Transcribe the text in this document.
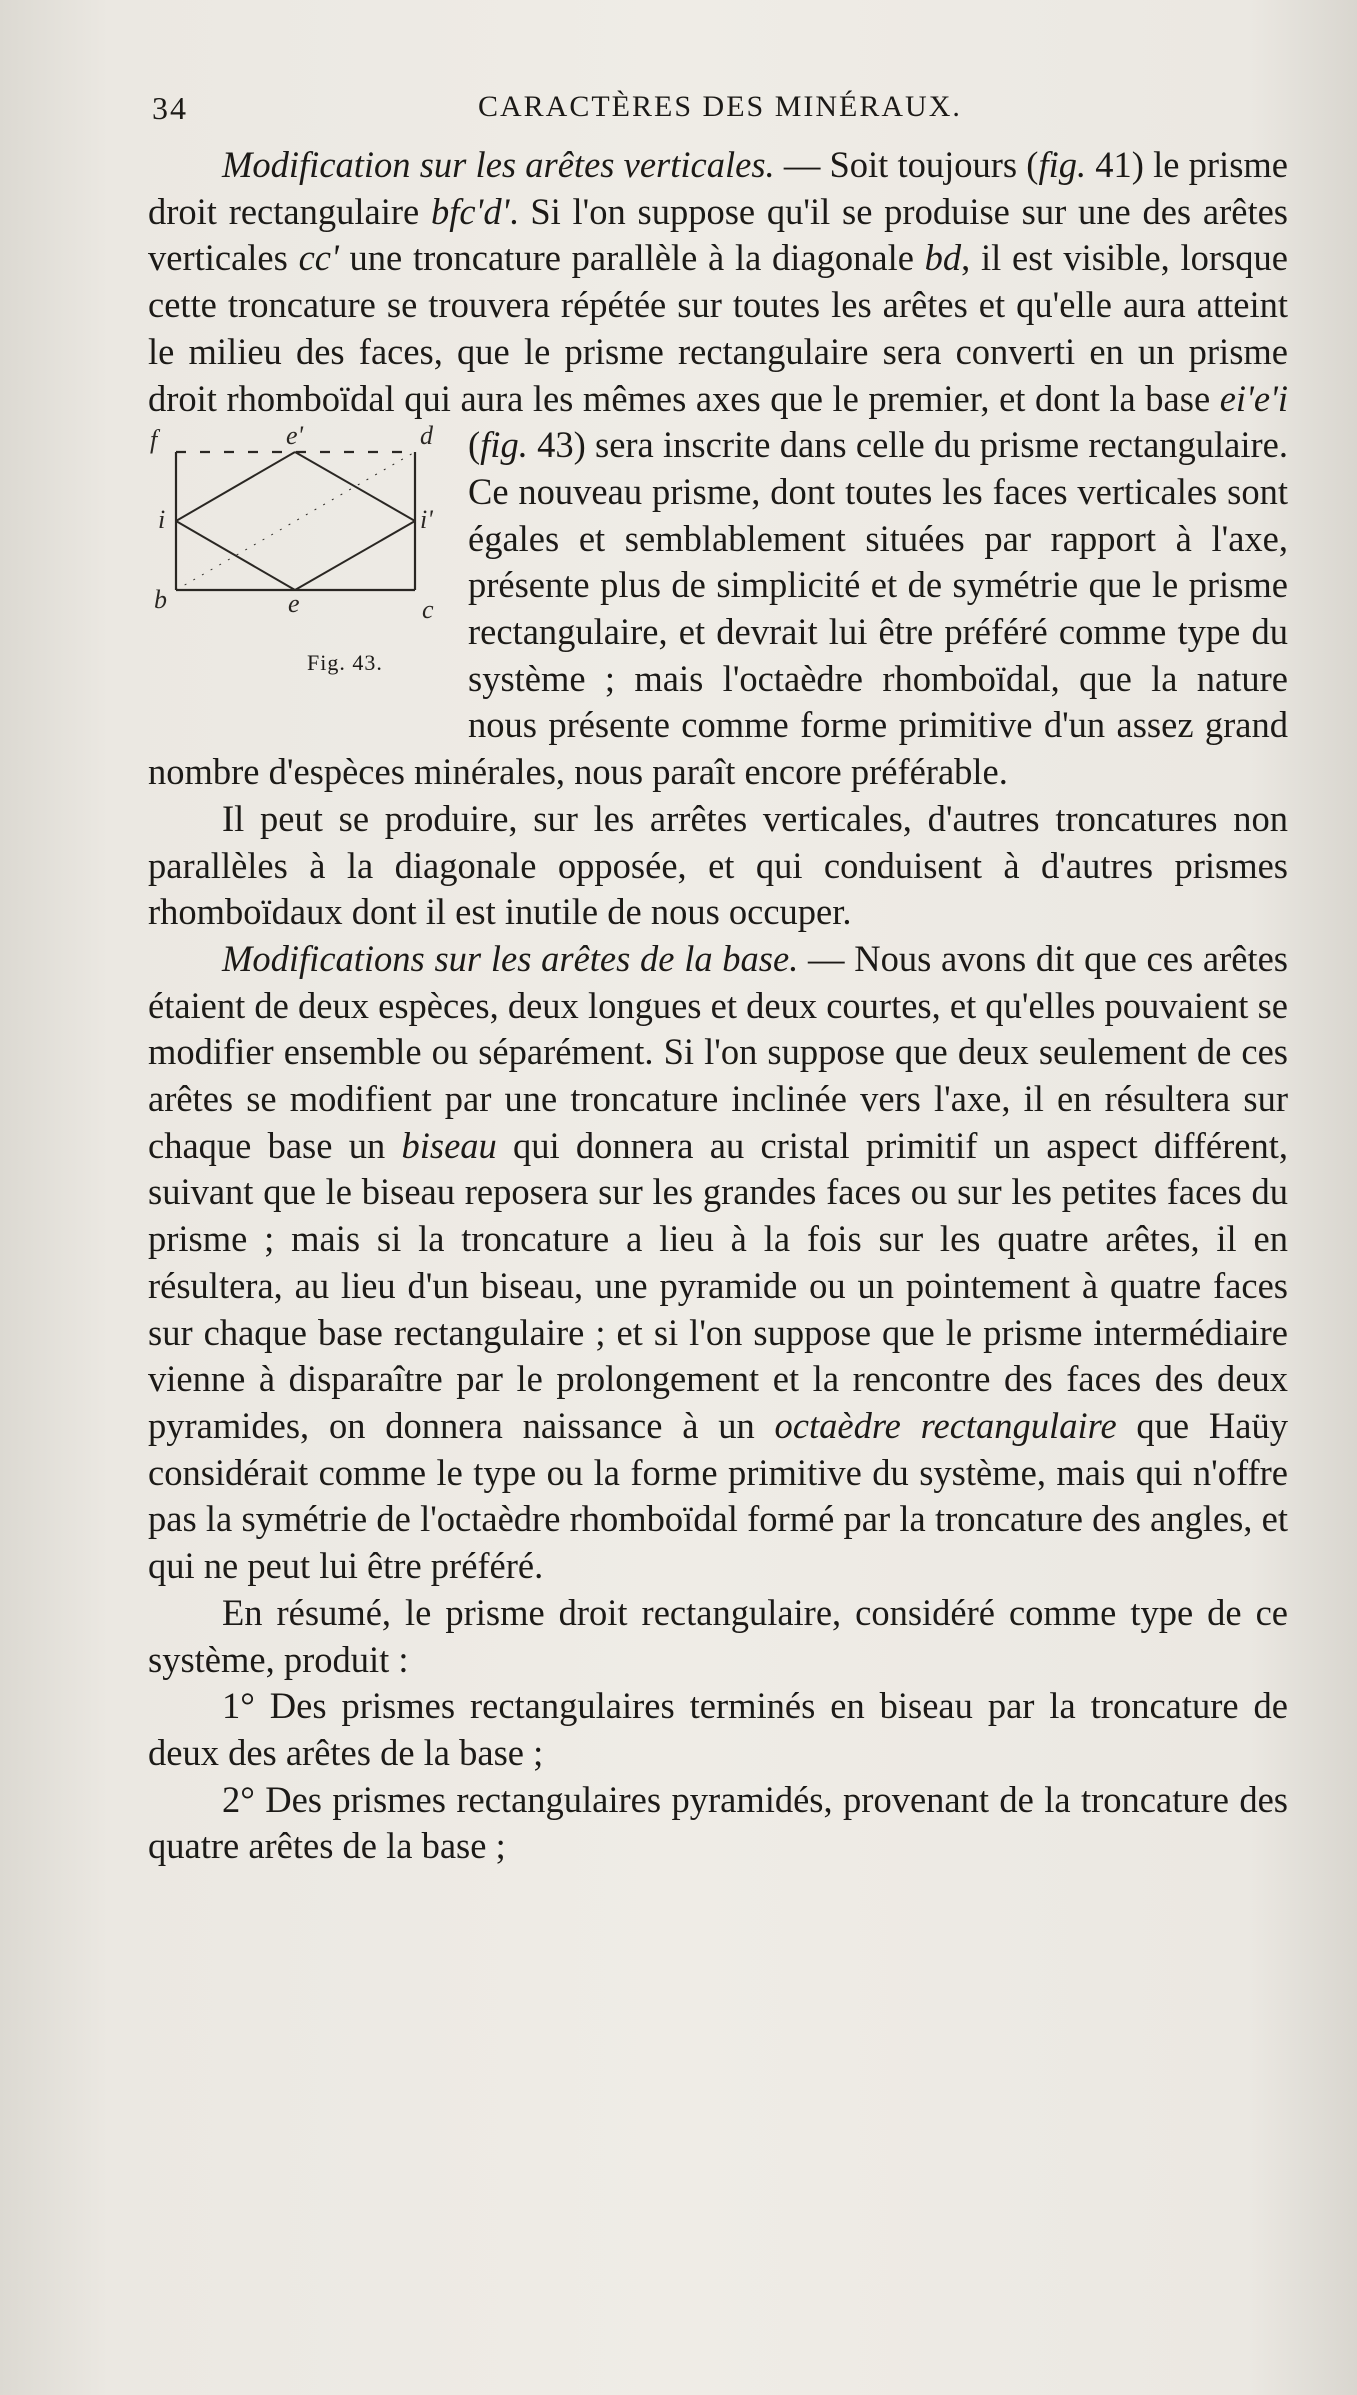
34	CARACTÈRES DES MINÉRAUX.

Modification sur les arêtes verticales. — Soit toujours (fig. 41) le prisme droit rectangulaire bfc'd'. Si l'on suppose qu'il se produise sur une des arêtes verticales cc' une troncature parallèle à la diagonale bd, il est visible, lorsque cette troncature se trouvera répétée sur toutes les arêtes et qu'elle aura atteint le milieu des faces, que le prisme rectangulaire sera converti en un prisme droit rhomboïdal qui aura les mêmes axes que le premier, et dont la base
f	e'	d
i	i'
b	e	c
Fig. 43.
ei'e'i (fig. 43) sera inscrite dans celle du prisme rectangulaire. Ce nouveau prisme, dont toutes les faces verticales sont égales et semblablement situées par rapport à l'axe, présente plus de simplicité et de symétrie que le prisme rectangulaire, et devrait lui être préféré comme type du système ; mais l'octaèdre rhomboïdal, que la nature nous présente comme forme primitive d'un assez grand nombre d'espèces minérales, nous paraît encore préférable.

Il peut se produire, sur les arrêtes verticales, d'autres troncatures non parallèles à la diagonale opposée, et qui conduisent à d'autres prismes rhomboïdaux dont il est inutile de nous occuper.

Modifications sur les arêtes de la base. — Nous avons dit que ces arêtes étaient de deux espèces, deux longues et deux courtes, et qu'elles pouvaient se modifier ensemble ou séparément. Si l'on suppose que deux seulement de ces arêtes se modifient par une troncature inclinée vers l'axe, il en résultera sur chaque base un biseau qui donnera au cristal primitif un aspect différent, suivant que le biseau reposera sur les grandes faces ou sur les petites faces du prisme ; mais si la troncature a lieu à la fois sur les quatre arêtes, il en résultera, au lieu d'un biseau, une pyramide ou un pointement à quatre faces sur chaque base rectangulaire ; et si l'on suppose que le prisme intermédiaire vienne à disparaître par le prolongement et la rencontre des faces des deux pyramides, on donnera naissance à un octaèdre rectangulaire que Haüy considérait comme le type ou la forme primitive du système, mais qui n'offre pas la symétrie de l'octaèdre rhomboïdal formé par la troncature des angles, et qui ne peut lui être préféré.

En résumé, le prisme droit rectangulaire, considéré comme type de ce système, produit :

1° Des prismes rectangulaires terminés en biseau par la troncature de deux des arêtes de la base ;

2° Des prismes rectangulaires pyramidés, provenant de la troncature des quatre arêtes de la base ;
